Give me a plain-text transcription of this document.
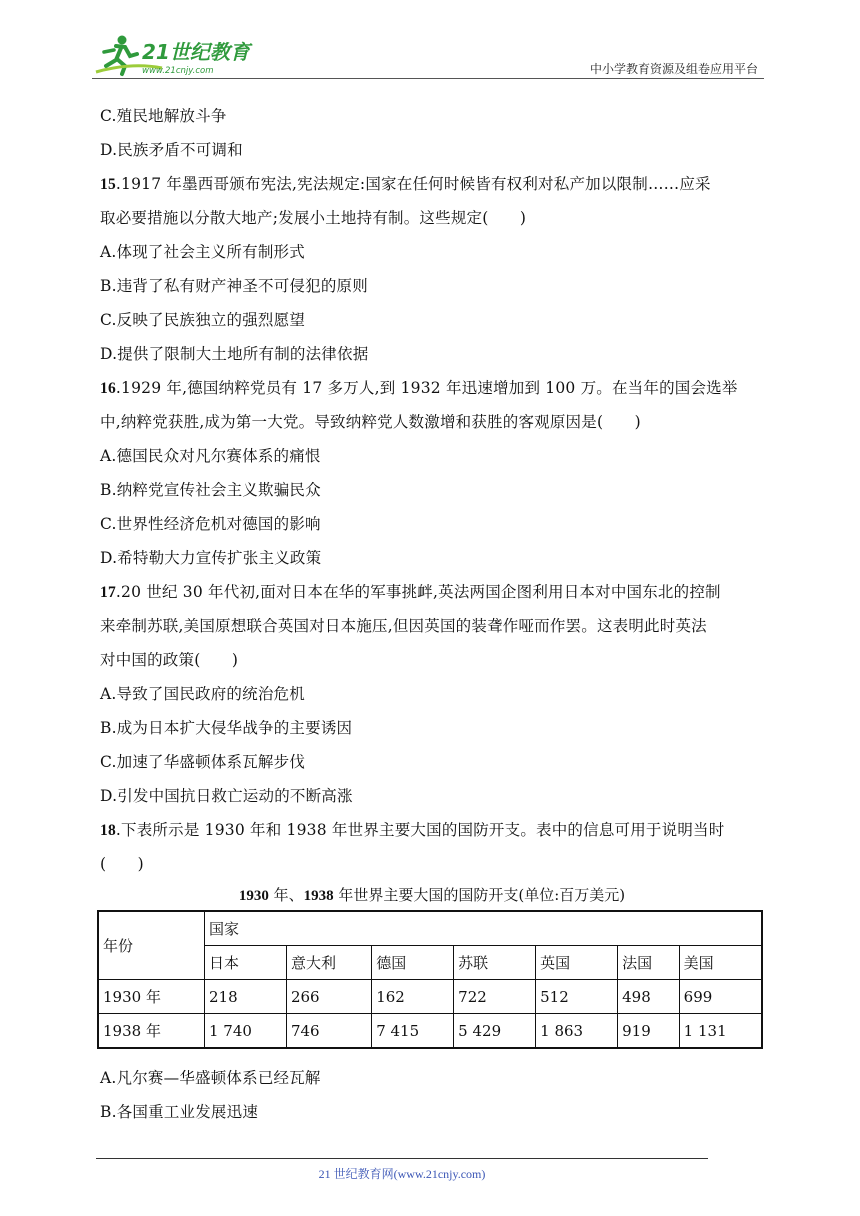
21世纪教育
www.21cnjy.com	中小学教育资源及组卷应用平台
C.殖民地解放斗争
D.民族矛盾不可调和
15.1917 年墨西哥颁布宪法,宪法规定:国家在任何时候皆有权利对私产加以限制……应采
取必要措施以分散大地产;发展小土地持有制。这些规定(　　)
A.体现了社会主义所有制形式
B.违背了私有财产神圣不可侵犯的原则
C.反映了民族独立的强烈愿望
D.提供了限制大土地所有制的法律依据
16.1929 年,德国纳粹党员有 17 多万人,到 1932 年迅速增加到 100 万。在当年的国会选举
中,纳粹党获胜,成为第一大党。导致纳粹党人数激增和获胜的客观原因是(　　)
A.德国民众对凡尔赛体系的痛恨
B.纳粹党宣传社会主义欺骗民众
C.世界性经济危机对德国的影响
D.希特勒大力宣传扩张主义政策
17.20 世纪 30 年代初,面对日本在华的军事挑衅,英法两国企图利用日本对中国东北的控制
来牵制苏联,美国原想联合英国对日本施压,但因英国的装聋作哑而作罢。这表明此时英法
对中国的政策(　　)
A.导致了国民政府的统治危机
B.成为日本扩大侵华战争的主要诱因
C.加速了华盛顿体系瓦解步伐
D.引发中国抗日救亡运动的不断高涨
18.下表所示是 1930 年和 1938 年世界主要大国的国防开支。表中的信息可用于说明当时
(　　)
A.凡尔赛—华盛顿体系已经瓦解
B.各国重工业发展迅速
1930 年、1938 年世界主要大国的国防开支(单位:百万美元)
年份	国家						
	日本	意大利	德国	苏联	英国	法国	美国
1930 年	218	266	162	722	512	498	699
1938 年	1 740	746	7 415	5 429	1 863	919	1 131
21 世纪教育网(www.21cnjy.com)
